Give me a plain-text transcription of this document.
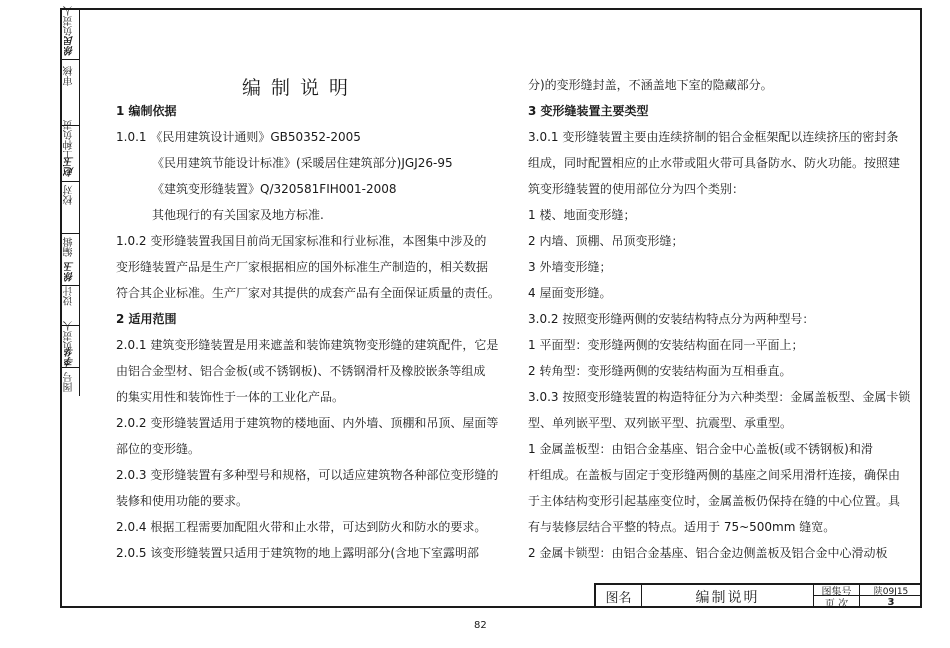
负责人
徐民
审核
工种负责
赵玉
校对
编辑
徐玉
设计
负责人
李华
图号
编制说明

1 编制依据

1.0.1 《民用建筑设计通则》GB50352-2005

《民用建筑节能设计标准》(采暖居住建筑部分)JGJ26-95

《建筑变形缝装置》Q/320581FIH001-2008

其他现行的有关国家及地方标准.

1.0.2 变形缝装置我国目前尚无国家标准和行业标准，本图集中涉及的

变形缝装置产品是生产厂家根据相应的国外标准生产制造的，相关数据

符合其企业标准。生产厂家对其提供的成套产品有全面保证质量的责任。

2 适用范围

2.0.1 建筑变形缝装置是用来遮盖和装饰建筑物变形缝的建筑配件，它是

由铝合金型材、铝合金板(或不锈钢板)、不锈钢滑杆及橡胶嵌条等组成

的集实用性和装饰性于一体的工业化产品。

2.0.2 变形缝装置适用于建筑物的楼地面、内外墙、顶棚和吊顶、屋面等

部位的变形缝。

2.0.3 变形缝装置有多种型号和规格，可以适应建筑物各种部位变形缝的

装修和使用功能的要求。

2.0.4 根据工程需要加配阻火带和止水带，可达到防火和防水的要求。

2.0.5 该变形缝装置只适用于建筑物的地上露明部分(含地下室露明部

分)的变形缝封盖，不涵盖地下室的隐藏部分。

3 变形缝装置主要类型

3.0.1 变形缝装置主要由连续挤制的铝合金框架配以连续挤压的密封条

组成，同时配置相应的止水带或阻火带可具备防水、防火功能。按照建

筑变形缝装置的使用部位分为四个类别：

1 楼、地面变形缝；

2 内墙、顶棚、吊顶变形缝；

3 外墙变形缝；

4 屋面变形缝。

3.0.2 按照变形缝两侧的安装结构特点分为两种型号：

1 平面型：变形缝两侧的安装结构面在同一平面上；

2 转角型：变形缝两侧的安装结构面为互相垂直。

3.0.3 按照变形缝装置的构造特征分为六种类型：金属盖板型、金属卡锁

型、单列嵌平型、双列嵌平型、抗震型、承重型。

1 金属盖板型：由铝合金基座、铝合金中心盖板(或不锈钢板)和滑

杆组成。在盖板与固定于变形缝两侧的基座之间采用滑杆连接，确保由

于主体结构变形引起基座变位时，金属盖板仍保持在缝的中心位置。具

有与装修层结合平整的特点。适用于 75~500mm 缝宽。

2 金属卡锁型：由铝合金基座、铝合金边侧盖板及铝合金中心滑动板

图名	编制说明	图集号	陕09J15
页 次	3
82
